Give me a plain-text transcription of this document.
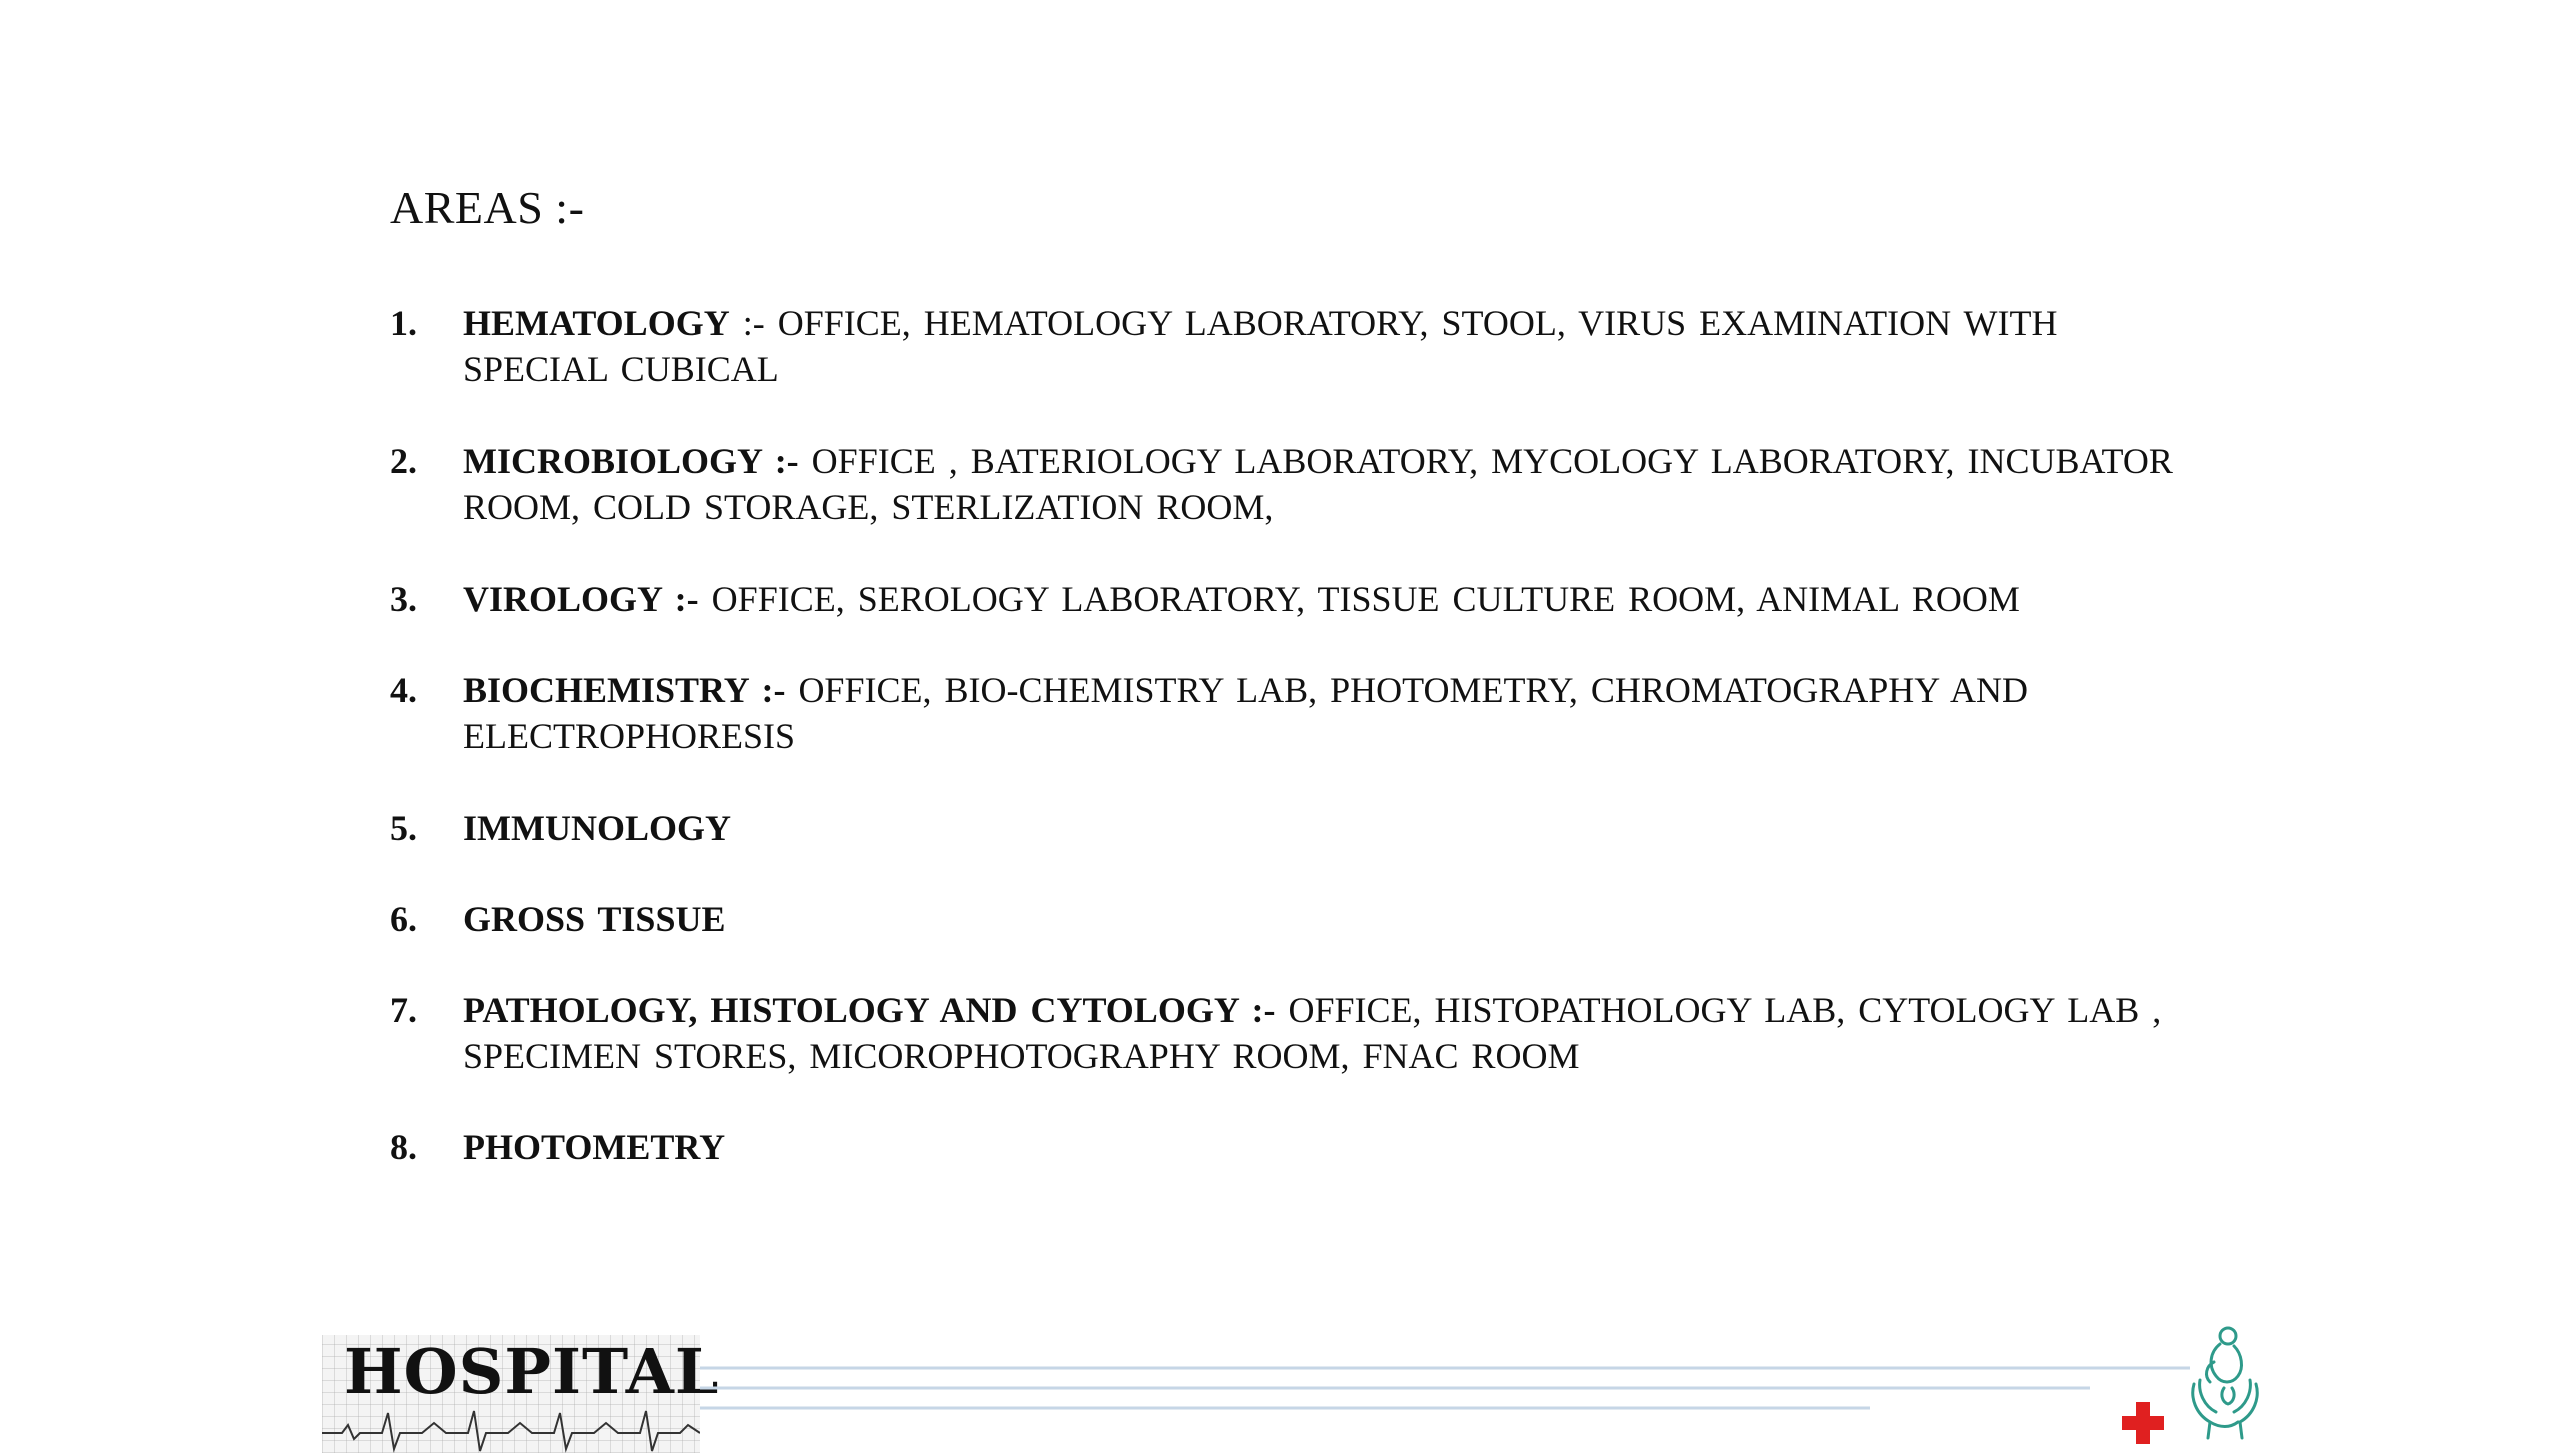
AREAS :-
1. HEMATOLOGY :- OFFICE, HEMATOLOGY LABORATORY, STOOL, VIRUS EXAMINATION WITH SPECIAL CUBICAL
2. MICROBIOLOGY :- OFFICE , BATERIOLOGY LABORATORY, MYCOLOGY LABORATORY, INCUBATOR ROOM, COLD STORAGE, STERLIZATION ROOM,
3. VIROLOGY :- OFFICE, SEROLOGY LABORATORY, TISSUE CULTURE ROOM, ANIMAL ROOM
4. BIOCHEMISTRY :- OFFICE, BIO-CHEMISTRY LAB, PHOTOMETRY, CHROMATOGRAPHY AND ELECTROPHORESIS
5. IMMUNOLOGY
6. GROSS TISSUE
7. PATHOLOGY, HISTOLOGY AND CYTOLOGY :- OFFICE, HISTOPATHOLOGY LAB, CYTOLOGY LAB , SPECIMEN STORES, MICOROPHOTOGRAPHY ROOM, FNAC ROOM
8. PHOTOMETRY
HOSPITAL
